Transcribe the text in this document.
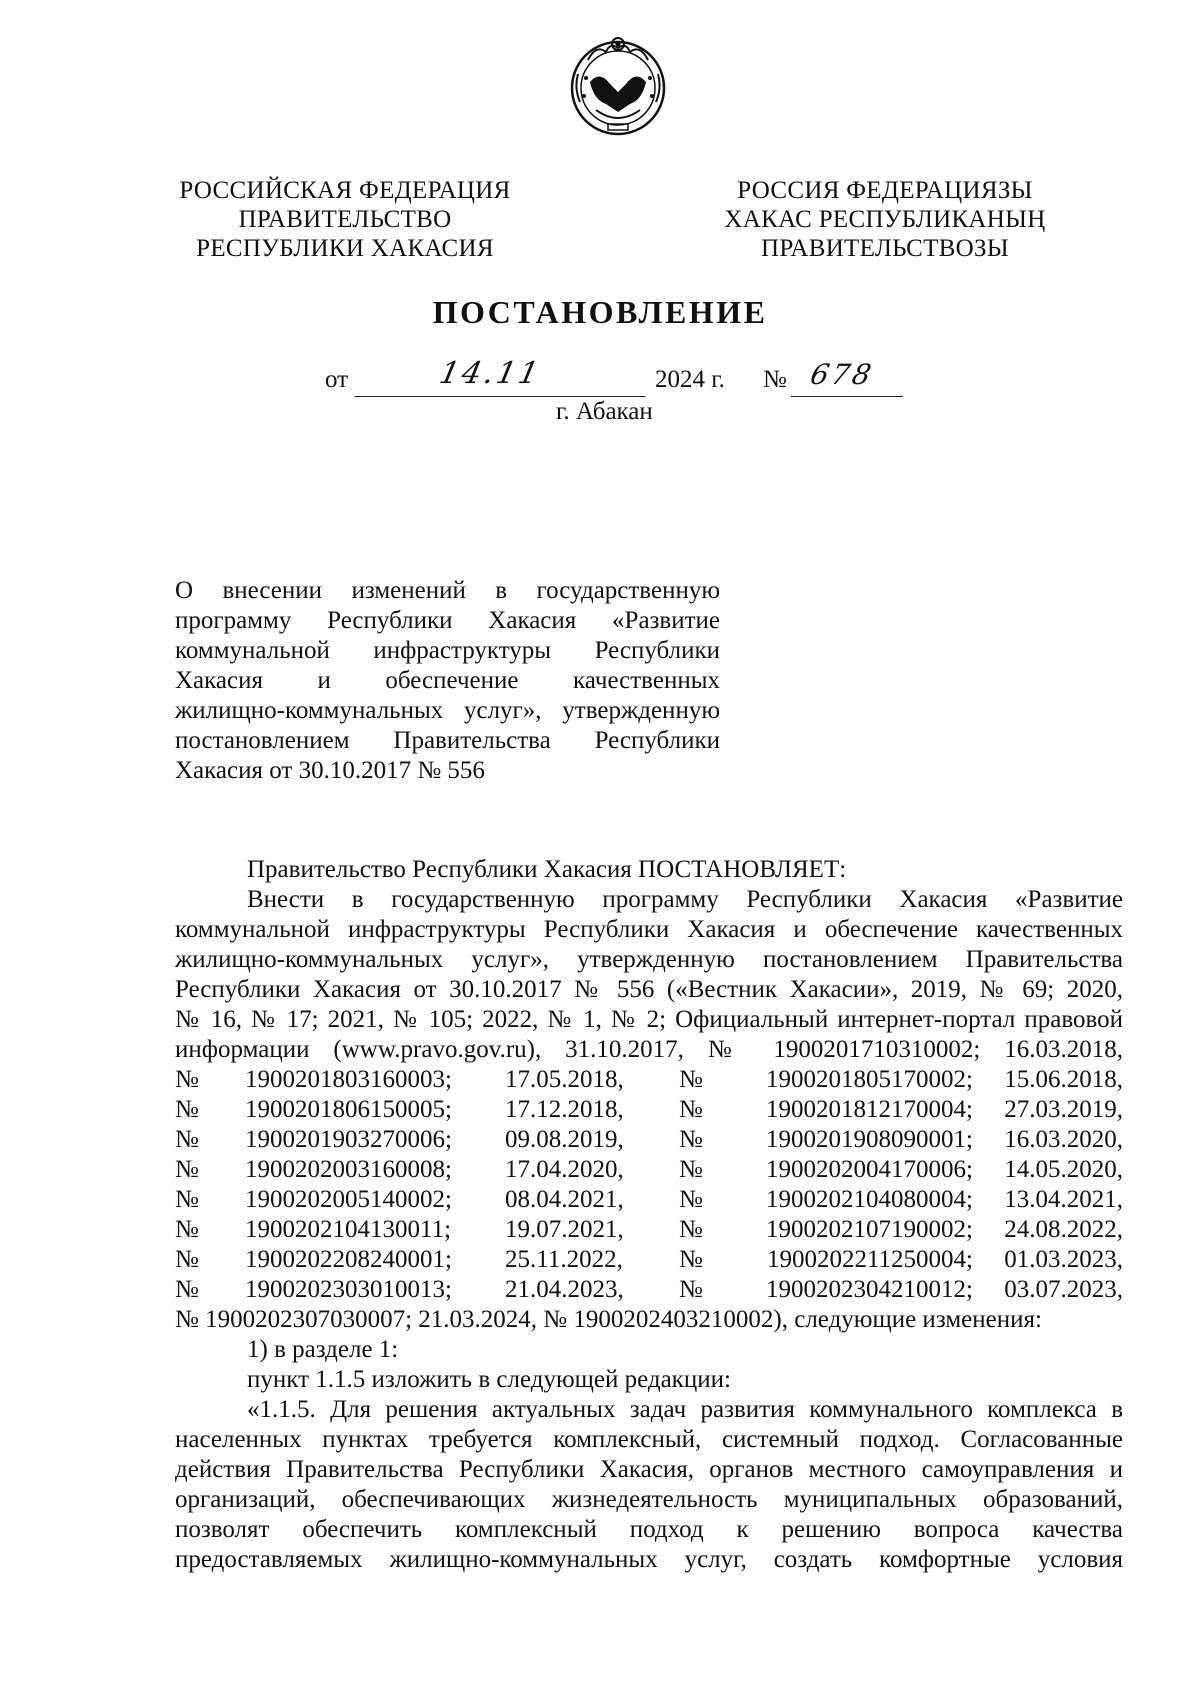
РОССИЙСКАЯ ФЕДЕРАЦИЯ
ПРАВИТЕЛЬСТВО
РЕСПУБЛИКИ ХАКАСИЯ
РОССИЯ ФЕДЕРАЦИЯЗЫ
ХАКАС РЕСПУБЛИКАНЫҢ
ПРАВИТЕЛЬСТВОЗЫ
ПОСТАНОВЛЕНИЕ
от	14.11	2024 г. № 678
г. Абакан
О внесении изменений в государственную
программу Республики Хакасия «Развитие
коммунальной инфраструктуры Республики
Хакасия и обеспечение качественных
жилищно-коммунальных услуг», утвержденную
постановлением Правительства Республики
Хакасия от 30.10.2017 № 556
Правительство Республики Хакасия ПОСТАНОВЛЯЕТ:
Внести в государственную программу Республики Хакасия «Развитие
коммунальной инфраструктуры Республики Хакасия и обеспечение качественных
жилищно-коммунальных услуг», утвержденную постановлением Правительства
Республики Хакасия от 30.10.2017 № 556 («Вестник Хакасии», 2019, № 69; 2020,
№ 16, № 17; 2021, № 105; 2022, № 1, № 2; Официальный интернет-портал правовой
информации (www.pravo.gov.ru), 31.10.2017, № 1900201710310002; 16.03.2018,
№ 1900201803160003; 17.05.2018, №	1900201805170002; 15.06.2018,
№ 1900201806150005; 17.12.2018, №	1900201812170004; 27.03.2019,
№ 1900201903270006; 09.08.2019, №	1900201908090001; 16.03.2020,
№ 1900202003160008; 17.04.2020, №	1900202004170006; 14.05.2020,
№ 1900202005140002; 08.04.2021, №	1900202104080004; 13.04.2021,
№ 1900202104130011; 19.07.2021, №	1900202107190002; 24.08.2022,
№ 1900202208240001; 25.11.2022, №	1900202211250004; 01.03.2023,
№ 1900202303010013; 21.04.2023, №	1900202304210012; 03.07.2023,
№ 1900202307030007; 21.03.2024, № 1900202403210002), следующие изменения:
1) в разделе 1:
пункт 1.1.5 изложить в следующей редакции:
«1.1.5. Для решения актуальных задач развития коммунального комплекса в
населенных пунктах требуется комплексный, системный подход. Согласованные
действия Правительства Республики Хакасия, органов местного самоуправления и
организаций, обеспечивающих жизнедеятельность муниципальных образований,
позволят обеспечить комплексный подход к решению вопроса качества
предоставляемых жилищно-коммунальных услуг, создать комфортные условия
